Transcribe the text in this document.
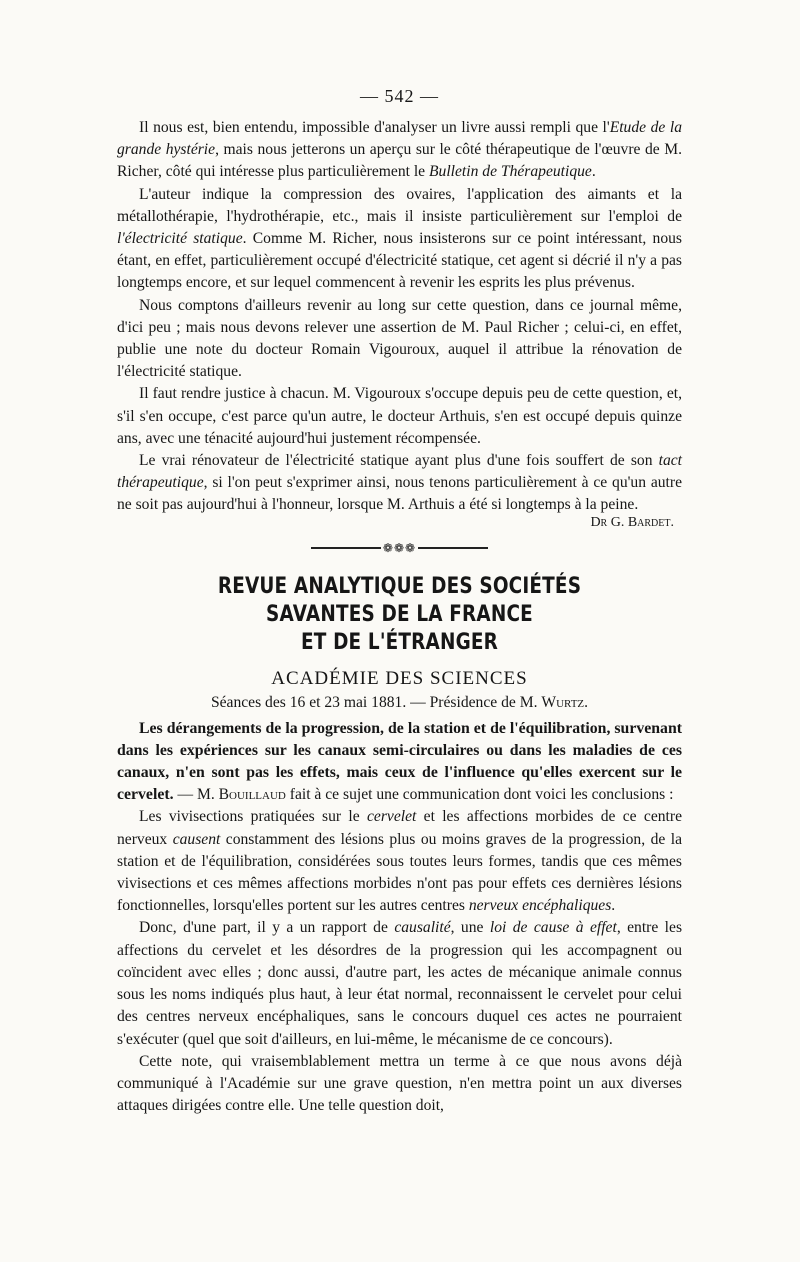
— 542 —

Il nous est, bien entendu, impossible d'analyser un livre aussi rempli que l'Etude de la grande hystérie, mais nous jetterons un aperçu sur le côté thérapeutique de l'œuvre de M. Richer, côté qui intéresse plus particulièrement le Bulletin de Thérapeutique.

L'auteur indique la compression des ovaires, l'application des aimants et la métallothérapie, l'hydrothérapie, etc., mais il insiste particulièrement sur l'emploi de l'électricité statique. Comme M. Richer, nous insisterons sur ce point intéressant, nous étant, en effet, particulièrement occupé d'électricité statique, cet agent si décrié il n'y a pas longtemps encore, et sur lequel commencent à revenir les esprits les plus prévenus.

Nous comptons d'ailleurs revenir au long sur cette question, dans ce journal même, d'ici peu ; mais nous devons relever une assertion de M. Paul Richer ; celui-ci, en effet, publie une note du docteur Romain Vigouroux, auquel il attribue la rénovation de l'électricité statique.

Il faut rendre justice à chacun. M. Vigouroux s'occupe depuis peu de cette question, et, s'il s'en occupe, c'est parce qu'un autre, le docteur Arthuis, s'en est occupé depuis quinze ans, avec une ténacité aujourd'hui justement récompensée.

Le vrai rénovateur de l'électricité statique ayant plus d'une fois souffert de son tact thérapeutique, si l'on peut s'exprimer ainsi, nous tenons particulièrement à ce qu'un autre ne soit pas aujourd'hui à l'honneur, lorsque M. Arthuis a été si longtemps à la peine.

Dr G. Bardet.
❁❁❁
REVUE ANALYTIQUE DES SOCIÉTÉS SAVANTES DE LA FRANCE
ET DE L'ÉTRANGER
ACADÉMIE DES SCIENCES
Séances des 16 et 23 mai 1881. — Présidence de M. Wurtz.

Les dérangements de la progression, de la station et de l'équilibration, survenant dans les expériences sur les canaux semi-circulaires ou dans les maladies de ces canaux, n'en sont pas les effets, mais ceux de l'influence qu'elles exercent sur le cervelet. — M. Bouillaud fait à ce sujet une communication dont voici les conclusions :

Les vivisections pratiquées sur le cervelet et les affections morbides de ce centre nerveux causent constamment des lésions plus ou moins graves de la progression, de la station et de l'équilibration, considérées sous toutes leurs formes, tandis que ces mêmes vivisections et ces mêmes affections morbides n'ont pas pour effets ces dernières lésions fonctionnelles, lorsqu'elles portent sur les autres centres nerveux encéphaliques.

Donc, d'une part, il y a un rapport de causalité, une loi de cause à effet, entre les affections du cervelet et les désordres de la progression qui les accompagnent ou coïncident avec elles ; donc aussi, d'autre part, les actes de mécanique animale connus sous les noms indiqués plus haut, à leur état normal, reconnaissent le cervelet pour celui des centres nerveux encéphaliques, sans le concours duquel ces actes ne pourraient s'exécuter (quel que soit d'ailleurs, en lui-même, le mécanisme de ce concours).

Cette note, qui vraisemblablement mettra un terme à ce que nous avons déjà communiqué à l'Académie sur une grave question, n'en mettra point un aux diverses attaques dirigées contre elle. Une telle question doit,
